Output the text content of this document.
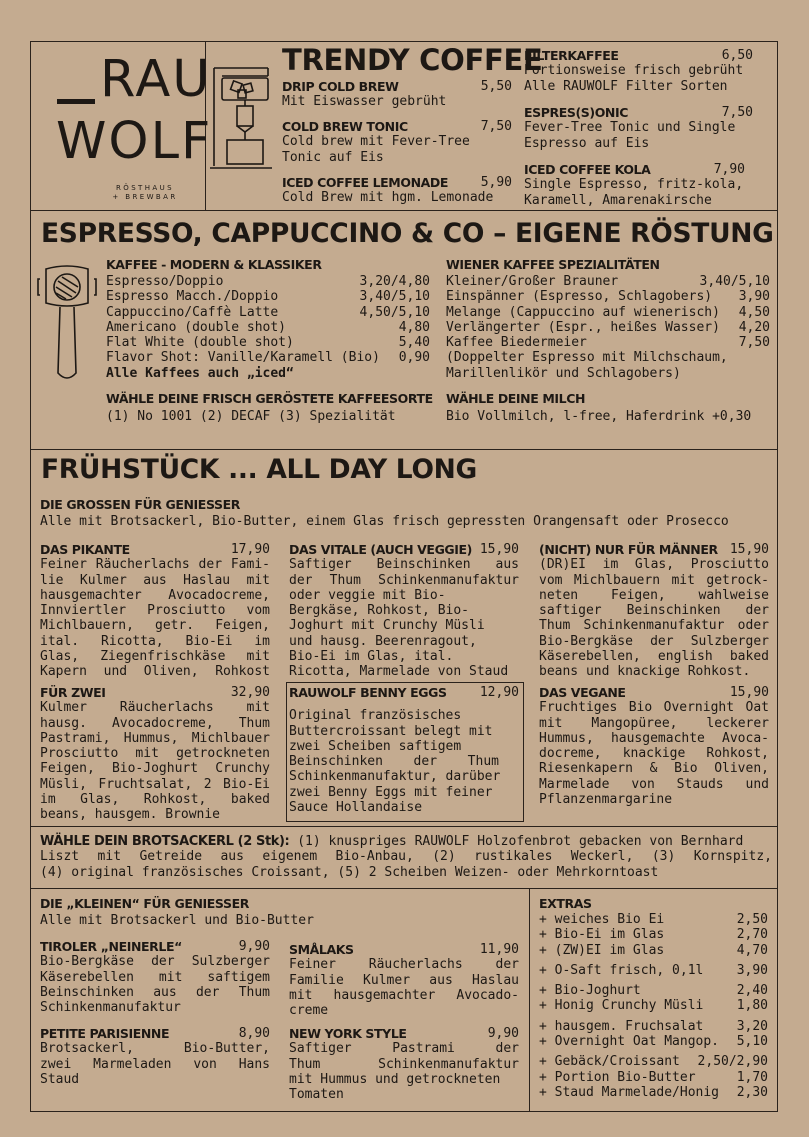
RAU
WOLF
RÖSTHAUS
+ BREWBAR
TRENDY COFFEE
DRIP COLD BREW	5,50
Mit Eiswasser gebrüht
COLD BREW TONIC	7,50
Cold brew mit Fever-Tree
Tonic auf Eis
ICED COFFEE LEMONADE	5,90
Cold Brew mit hgm. Lemonade
FILTERKAFFEE	6,50
Portionsweise frisch gebrüht
Alle RAUWOLF Filter Sorten
ESPRES(S)ONIC	7,50
Fever-Tree Tonic und Single
Espresso auf Eis
ICED COFFEE KOLA	7,90
Single Espresso, fritz-kola,
Karamell, Amarenakirsche
ESPRESSO, CAPPUCCINO & CO – EIGENE RÖSTUNG
KAFFEE - MODERN & KLASSIKER
Espresso/Doppio	3,20/4,80
Espresso Macch./Doppio	3,40/5,10
Cappuccino/Caffè Latte	4,50/5,10
Americano (double shot)	4,80
Flat White (double shot)	5,40
Flavor Shot: Vanille/Karamell (Bio) 0,90
Alle Kaffees auch „iced“
WIENER KAFFEE SPEZIALITÄTEN
Kleiner/Großer Brauner	3,40/5,10
Einspänner (Espresso, Schlagobers) 3,90
Melange (Cappuccino auf wienerisch) 4,50
Verlängerter (Espr., heißes Wasser) 4,20
Kaffee Biedermeier	7,50
(Doppelter Espresso mit Milchschaum,
Marillenlikör und Schlagobers)
WÄHLE DEINE FRISCH GERÖSTETE KAFFEESORTE
(1) No 1001 (2) DECAF (3) Spezialität
WÄHLE DEINE MILCH
Bio Vollmilch, l-free, Haferdrink +0,30
FRÜHSTÜCK ... ALL DAY LONG
DIE GROSSEN FÜR GENIESSER
Alle mit Brotsackerl, Bio-Butter, einem Glas frisch gepressten Orangensaft oder Prosecco
DAS PIKANTE	17,90
Feiner Räucherlachs der Fami-
lie Kulmer aus Haslau mit
hausgemachter Avocadocreme,
Innviertler Prosciutto vom
Michlbauern, getr. Feigen,
ital. Ricotta, Bio-Ei im
Glas, Ziegenfrischkäse mit
Kapern und Oliven, Rohkost
DAS VITALE (AUCH VEGGIE) 15,90
Saftiger Beinschinken aus
der Thum Schinkenmanufaktur
oder veggie mit Bio-
Bergkäse, Rohkost, Bio-
Joghurt mit Crunchy Müsli
und hausg. Beerenragout,
Bio-Ei im Glas, ital.
Ricotta, Marmelade von Staud
(NICHT) NUR FÜR MÄNNER 15,90
(DR)EI im Glas, Prosciutto
vom Michlbauern mit getrock-
neten Feigen, wahlweise
saftiger Beinschinken der
Thum Schinkenmanufaktur oder
Bio-Bergkäse der Sulzberger
Käserebellen, english baked
beans und knackige Rohkost.
FÜR ZWEI	32,90
Kulmer Räucherlachs mit
hausg. Avocadocreme, Thum
Pastrami, Hummus, Michlbauer
Prosciutto mit getrockneten
Feigen, Bio-Joghurt Crunchy
Müsli, Fruchtsalat, 2 Bio-Ei
im Glas, Rohkost, baked
beans, hausgem. Brownie
RAUWOLF BENNY EGGS	12,90
Original französisches
Buttercroissant belegt mit
zwei Scheiben saftigem
Beinschinken der Thum
Schinkenmanufaktur, darüber
zwei Benny Eggs mit feiner
Sauce Hollandaise
DAS VEGANE	15,90
Fruchtiges Bio Overnight Oat
mit Mangopüree, leckerer
Hummus, hausgemachte Avoca-
docreme, knackige Rohkost,
Riesenkapern & Bio Oliven,
Marmelade von Stauds und
Pflanzenmargarine
WÄHLE DEIN BROTSACKERL (2 Stk): (1) knuspriges RAUWOLF Holzofenbrot gebacken von Bernhard
Liszt mit Getreide aus eigenem Bio-Anbau, (2) rustikales Weckerl, (3) Kornspitz,
(4) original französisches Croissant, (5) 2 Scheiben Weizen- oder Mehrkorntoast
DIE „KLEINEN“ FÜR GENIESSER
Alle mit Brotsackerl und Bio-Butter
TIROLER „NEINERLE“	9,90
Bio-Bergkäse der Sulzberger
Käserebellen mit saftigem
Beinschinken aus der Thum
Schinkenmanufaktur
SMÅLAKS	11,90
Feiner Räucherlachs der
Familie Kulmer aus Haslau
mit hausgemachter Avocado-
creme
PETITE PARISIENNE	8,90
Brotsackerl, Bio-Butter,
zwei Marmeladen von Hans
Staud
NEW YORK STYLE	9,90
Saftiger Pastrami der
Thum Schinkenmanufaktur
mit Hummus und getrockneten
Tomaten
EXTRAS
+ weiches Bio Ei	2,50
+ Bio-Ei im Glas	2,70
+ (ZW)EI im Glas	4,70
+ O-Saft frisch, 0,1l	3,90
+ Bio-Joghurt	2,40
+ Honig Crunchy Müsli	1,80
+ hausgem. Fruchsalat	3,20
+ Overnight Oat Mangop. 5,10
+ Gebäck/Croissant 2,50/2,90
+ Portion Bio-Butter	1,70
+ Staud Marmelade/Honig 2,30
